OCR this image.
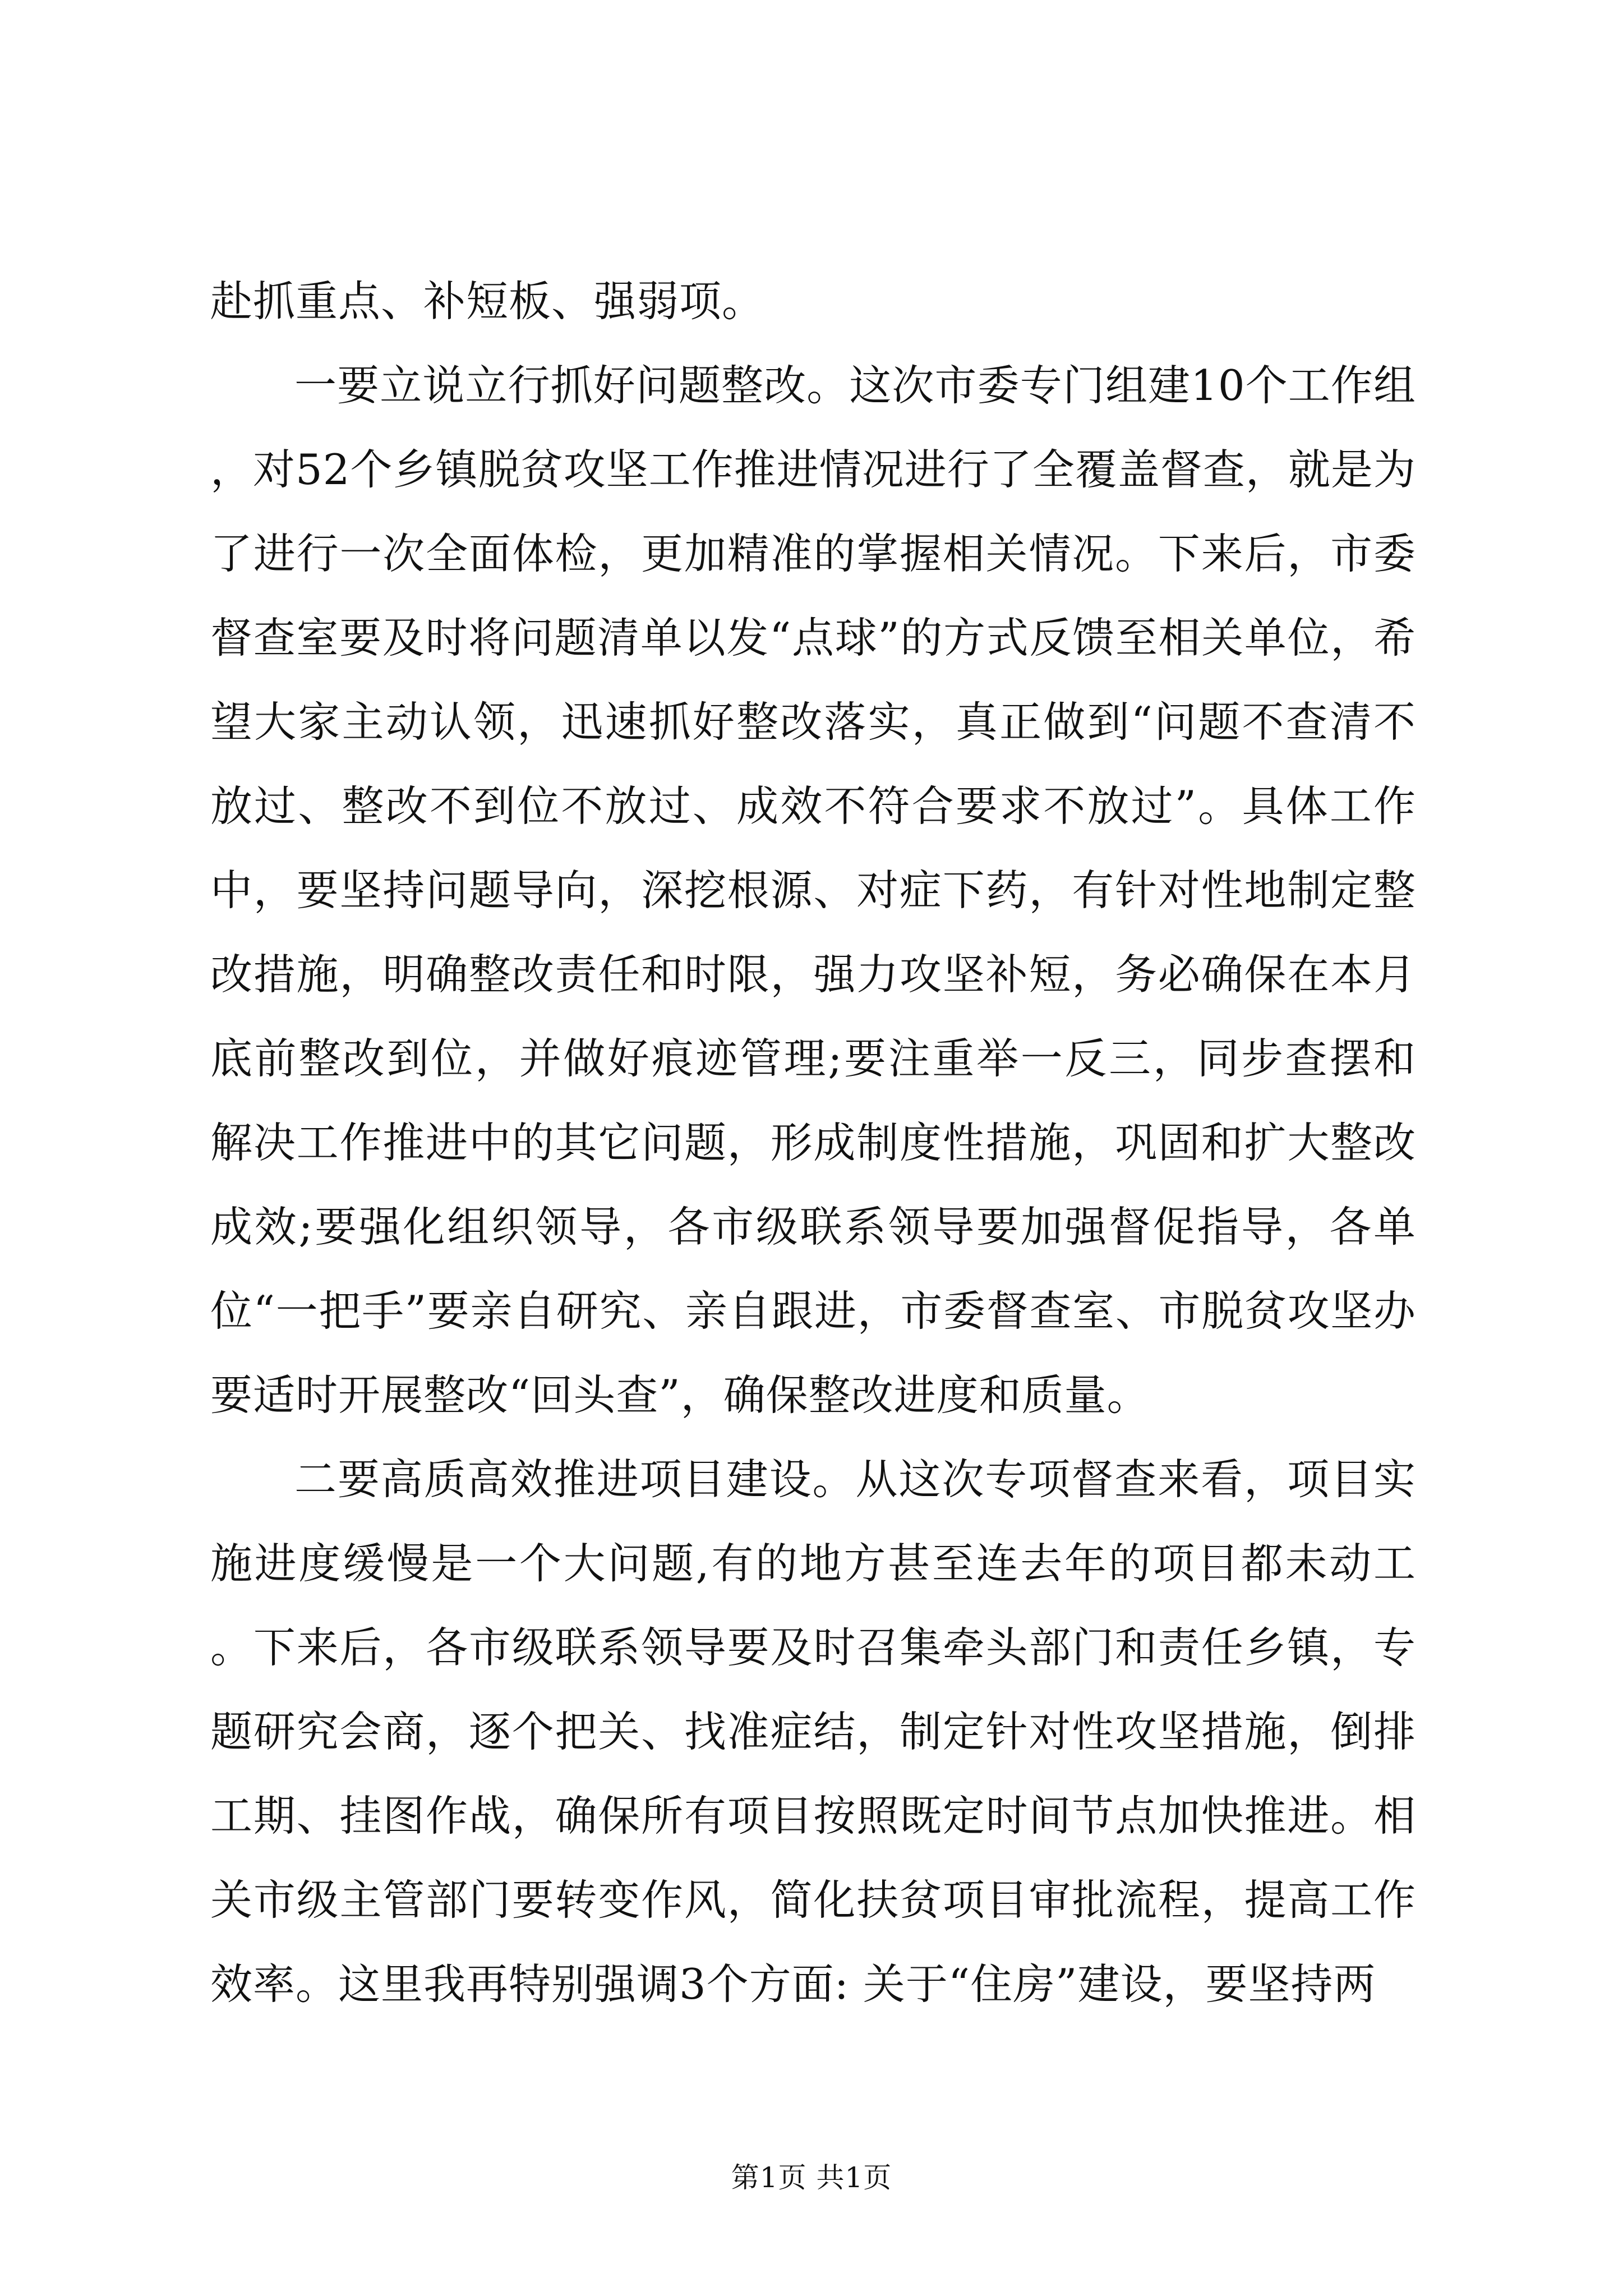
赴抓重点、补短板、强弱项。

一要立说立行抓好问题整改。这次市委专门组建10个工作组，对52个乡镇脱贫攻坚工作推进情况进行了全覆盖督查，就是为了进行一次全面体检，更加精准的掌握相关情况。下来后，市委督查室要及时将问题清单以发“点球”的方式反馈至相关单位，希望大家主动认领，迅速抓好整改落实，真正做到“问题不查清不放过、整改不到位不放过、成效不符合要求不放过”。具体工作中，要坚持问题导向，深挖根源、对症下药，有针对性地制定整改措施，明确整改责任和时限，强力攻坚补短，务必确保在本月底前整改到位，并做好痕迹管理;要注重举一反三，同步查摆和解决工作推进中的其它问题，形成制度性措施，巩固和扩大整改成效;要强化组织领导，各市级联系领导要加强督促指导，各单位“一把手”要亲自研究、亲自跟进，市委督查室、市脱贫攻坚办要适时开展整改“回头查”，确保整改进度和质量。

二要高质高效推进项目建设。从这次专项督查来看，项目实施进度缓慢是一个大问题,有的地方甚至连去年的项目都未动工。下来后，各市级联系领导要及时召集牵头部门和责任乡镇，专题研究会商，逐个把关、找准症结，制定针对性攻坚措施，倒排工期、挂图作战，确保所有项目按照既定时间节点加快推进。相关市级主管部门要转变作风，简化扶贫项目审批流程，提高工作效率。这里我再特别强调3个方面: 关于“住房”建设，要坚持两

第1页 共1页
